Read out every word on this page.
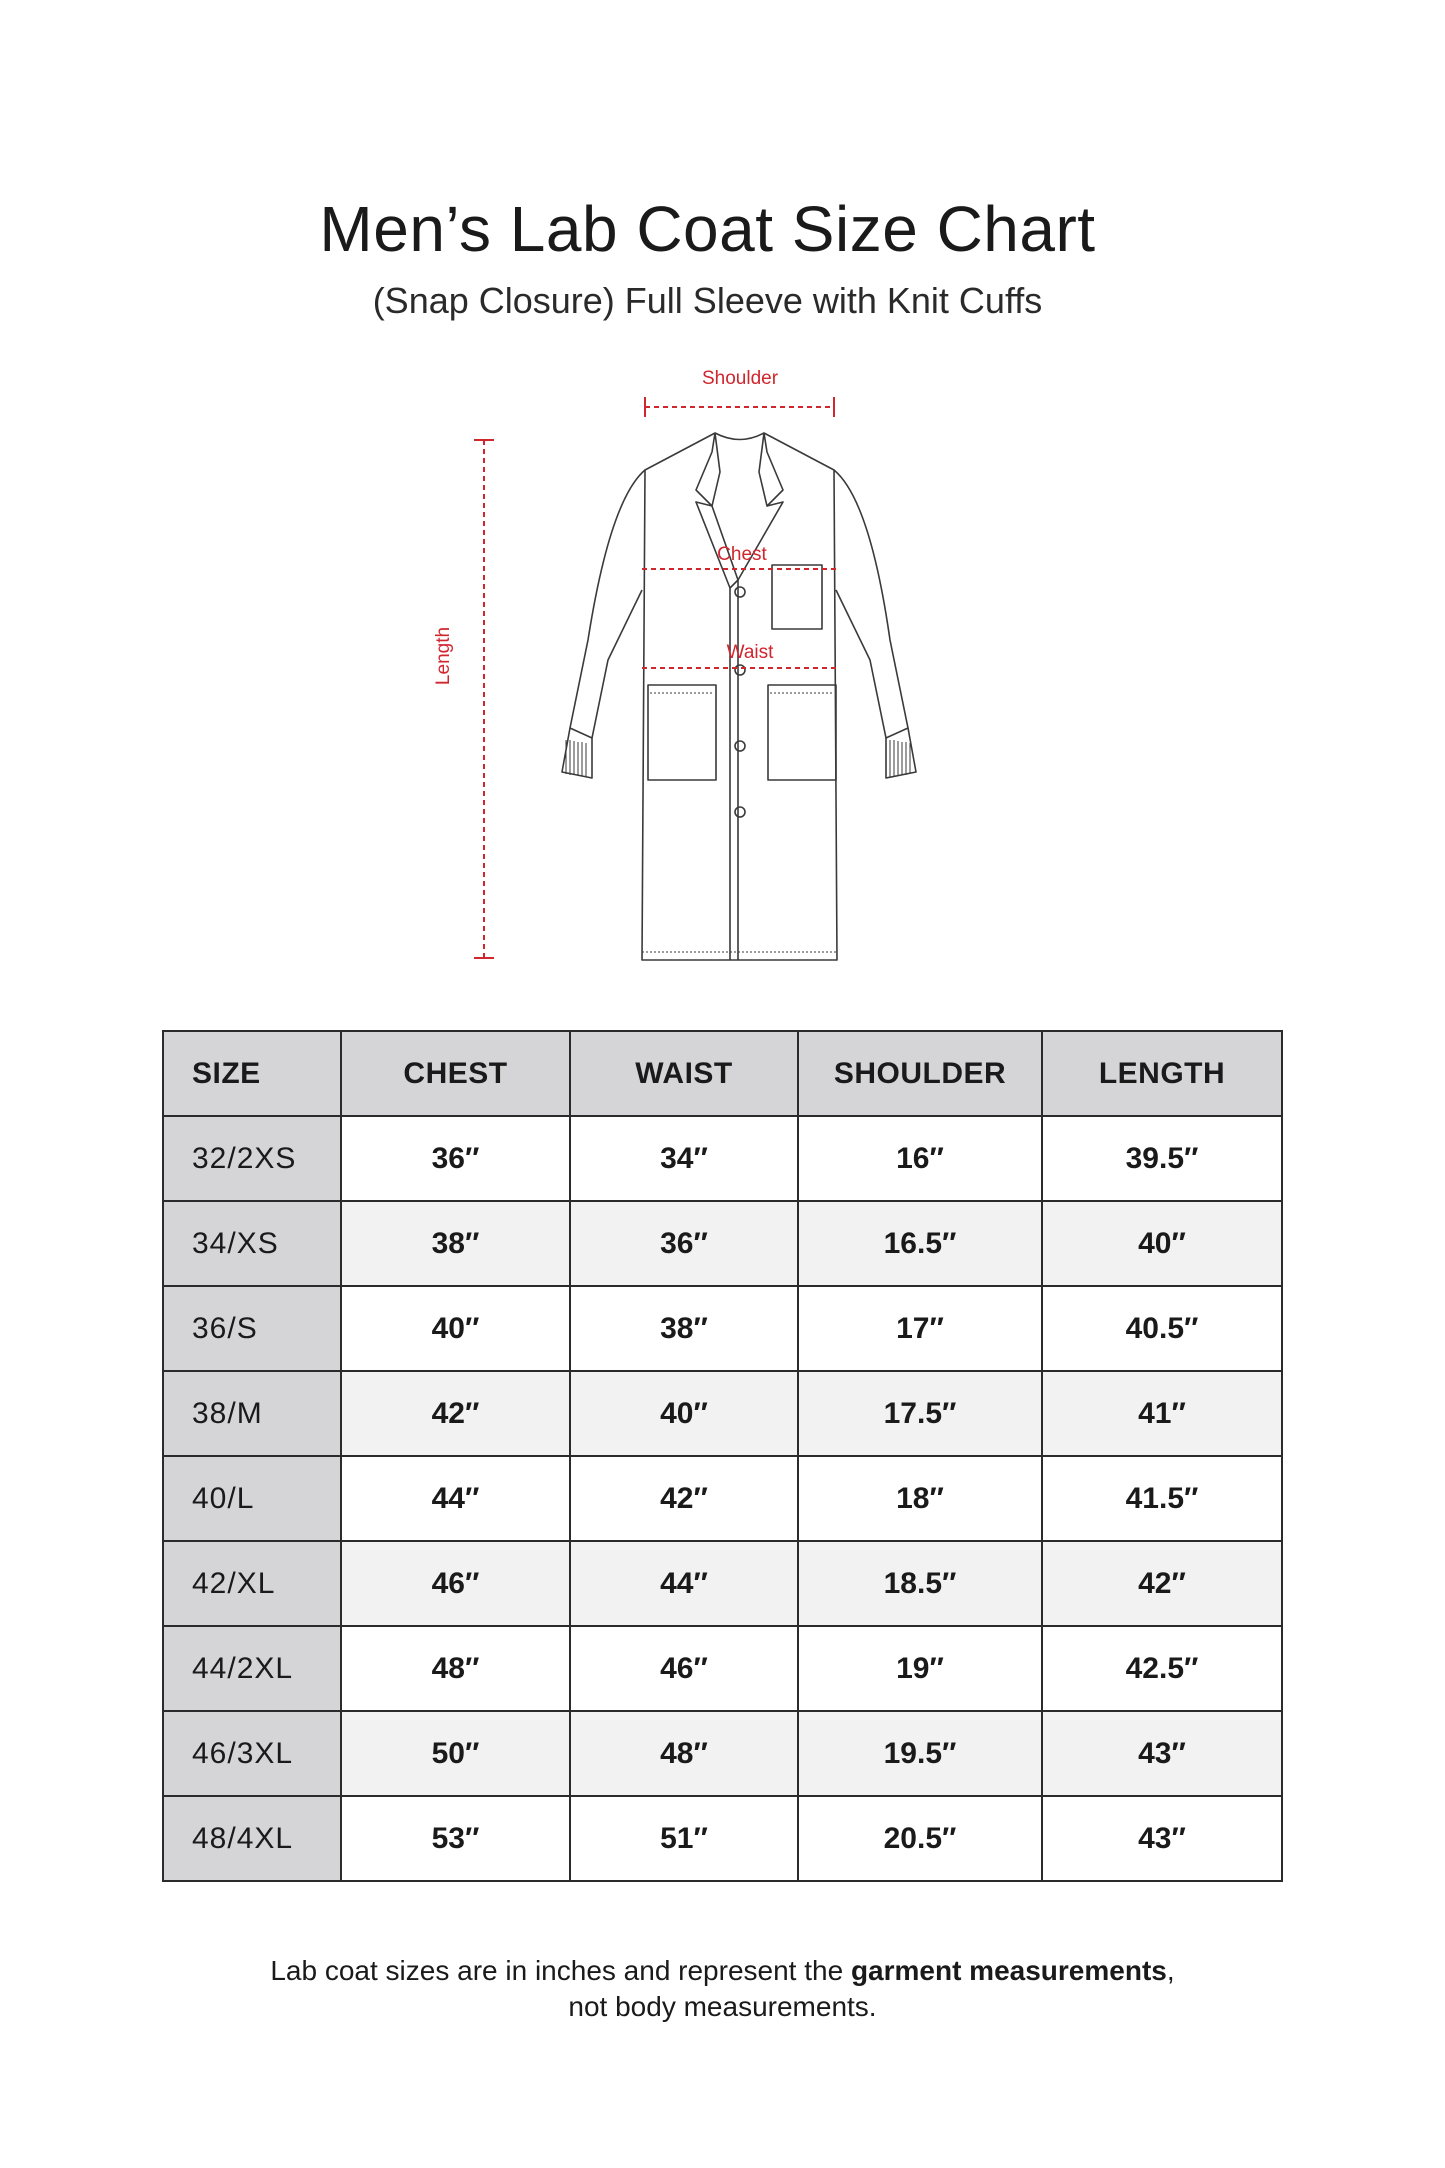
Men’s Lab Coat Size Chart

(Snap Closure) Full Sleeve with Knit Cuffs

Shoulder
Chest
Waist
Length
SIZE	CHEST	WAIST	SHOULDER	LENGTH
32/2XS	36″	34″	16″	39.5″
34/XS	38″	36″	16.5″	40″
36/S	40″	38″	17″	40.5″
38/M	42″	40″	17.5″	41″
40/L	44″	42″	18″	41.5″
42/XL	46″	44″	18.5″	42″
44/2XL	48″	46″	19″	42.5″
46/3XL	50″	48″	19.5″	43″
48/4XL	53″	51″	20.5″	43″
Lab coat sizes are in inches and represent the garment measurements,
not body measurements.
